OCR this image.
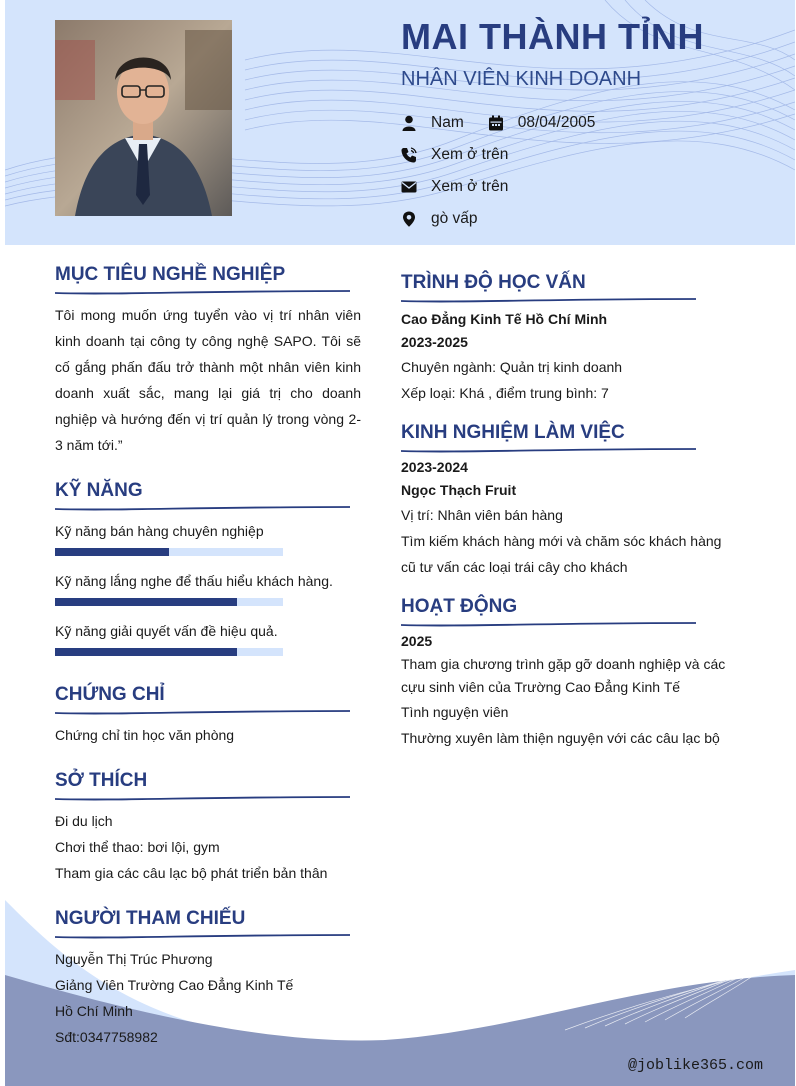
MAI THÀNH TỈNH
NHÂN VIÊN KINH DOANH
Nam	08/04/2005
Xem ở trên
Xem ở trên
gò vấp
MỤC TIÊU NGHỀ NGHIỆP
Tôi mong muốn ứng tuyển vào vị trí nhân viên kinh doanh tại công ty công nghệ SAPO. Tôi sẽ cố gắng phấn đấu trở thành một nhân viên kinh doanh xuất sắc, mang lại giá trị cho doanh nghiệp và hướng đến vị trí quản lý trong vòng 2-3 năm tới.”
KỸ NĂNG
Kỹ năng bán hàng chuyên nghiệp
Kỹ năng lắng nghe để thấu hiểu khách hàng.
Kỹ năng giải quyết vấn đề hiệu quả.
CHỨNG CHỈ
Chứng chỉ tin học văn phòng
SỞ THÍCH
Đi du lịch
Chơi thể thao: bơi lội, gym
Tham gia các câu lạc bộ phát triển bản thân
NGƯỜI THAM CHIẾU
Nguyễn Thị Trúc Phương
Giảng Viên Trường Cao Đẳng Kinh Tế
Hồ Chí Minh
Sđt:0347758982
TRÌNH ĐỘ HỌC VẤN
Cao Đẳng Kinh Tế Hồ Chí Minh
2023-2025
Chuyên ngành: Quản trị kinh doanh
Xếp loại: Khá , điểm trung bình: 7
KINH NGHIỆM LÀM VIỆC
2023-2024
Ngọc Thạch Fruit
Vị trí: Nhân viên bán hàng
Tìm kiếm khách hàng mới và chăm sóc khách hàng cũ tư vấn các loại trái cây cho khách
HOẠT ĐỘNG
2025
Tham gia chương trình gặp gỡ doanh nghiệp và các cựu sinh viên của Trường Cao Đẳng Kinh Tế
Tình nguyện viên
Thường xuyên làm thiện nguyện với các câu lạc bộ
@joblike365.com
